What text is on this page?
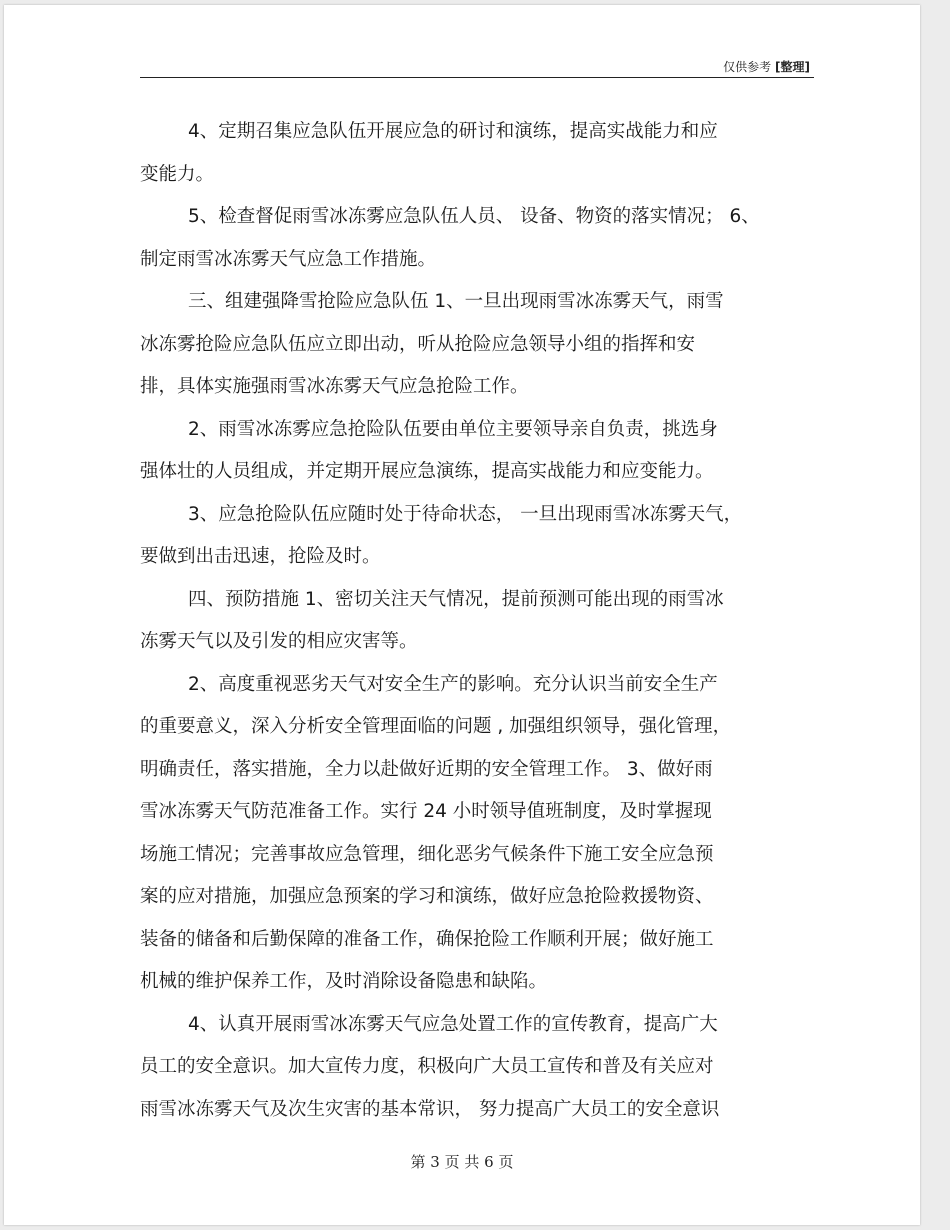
仅供参考 [整理]
4、定期召集应急队伍开展应急的研讨和演练，提高实战能力和应
变能力。
5、检查督促雨雪冰冻雾应急队伍人员、 设备、物资的落实情况； 6、
制定雨雪冰冻雾天气应急工作措施。
三、组建强降雪抢险应急队伍 1、一旦出现雨雪冰冻雾天气，雨雪
冰冻雾抢险应急队伍应立即出动，听从抢险应急领导小组的指挥和安
排，具体实施强雨雪冰冻雾天气应急抢险工作。
2、雨雪冰冻雾应急抢险队伍要由单位主要领导亲自负责，挑选身
强体壮的人员组成，并定期开展应急演练，提高实战能力和应变能力。
3、应急抢险队伍应随时处于待命状态， 一旦出现雨雪冰冻雾天气，
要做到出击迅速，抢险及时。
四、预防措施 1、密切关注天气情况，提前预测可能出现的雨雪冰
冻雾天气以及引发的相应灾害等。
2、高度重视恶劣天气对安全生产的影响。充分认识当前安全生产
的重要意义，深入分析安全管理面临的问题 , 加强组织领导，强化管理，
明确责任，落实措施，全力以赴做好近期的安全管理工作。 3、做好雨
雪冰冻雾天气防范准备工作。实行 24 小时领导值班制度，及时掌握现
场施工情况；完善事故应急管理，细化恶劣气候条件下施工安全应急预
案的应对措施，加强应急预案的学习和演练，做好应急抢险救援物资、
装备的储备和后勤保障的准备工作，确保抢险工作顺利开展；做好施工
机械的维护保养工作，及时消除设备隐患和缺陷。
4、认真开展雨雪冰冻雾天气应急处置工作的宣传教育，提高广大
员工的安全意识。加大宣传力度，积极向广大员工宣传和普及有关应对
雨雪冰冻雾天气及次生灾害的基本常识， 努力提高广大员工的安全意识
第 3 页 共 6 页
